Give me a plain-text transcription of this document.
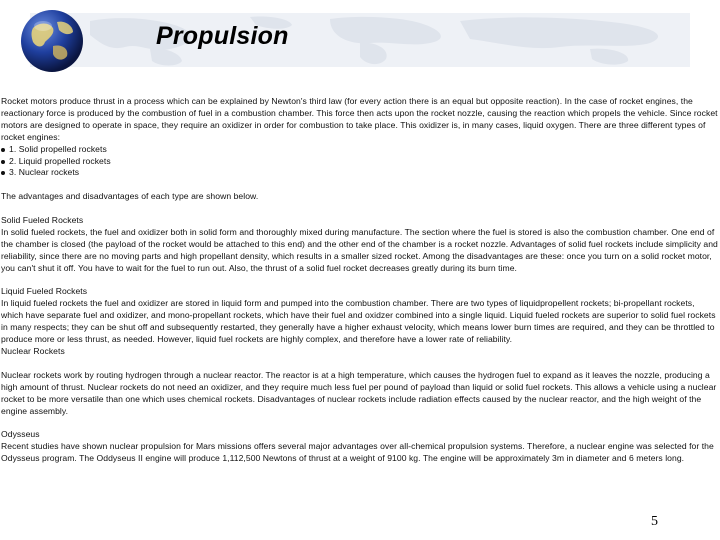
Propulsion

Rocket motors produce thrust in a process which can be explained by Newton's third law (for every action there is an equal but opposite reaction). In the case of rocket engines, the reactionary force is produced by the combustion of fuel in a combustion chamber. This force then acts upon the rocket nozzle, causing the reaction which propels the vehicle. Since rocket motors are designed to operate in space, they require an oxidizer in order for combustion to take place. This oxidizer is, in many cases, liquid oxygen. There are three different types of rocket engines:

1. Solid propelled rockets
2. Liquid propelled rockets
3. Nuclear rockets

The advantages and disadvantages of each type are shown below.

Solid Fueled Rockets

In solid fueled rockets, the fuel and oxidizer both in solid form and thoroughly mixed during manufacture. The section where the fuel is stored is also the combustion chamber. One end of the chamber is closed (the payload of the rocket would be attached to this end) and the other end of the chamber is a rocket nozzle. Advantages of solid fuel rockets include simplicity and reliability, since there are no moving parts and high propellant density, which results in a smaller sized rocket. Among the disadvantages are these: once you turn on a solid rocket motor, you can't shut it off. You have to wait for the fuel to run out. Also, the thrust of a solid fuel rocket decreases greatly during its burn time.

Liquid Fueled Rockets

In liquid fueled rockets the fuel and oxidizer are stored in liquid form and pumped into the combustion chamber. There are two types of liquidpropellent rockets; bi-propellant rockets, which have separate fuel and oxidizer, and mono-propellant rockets, which have their fuel and oxidzer combined into a single liquid. Liquid fueled rockets are superior to solid fuel rockets in many respects; they can be shut off and subsequently restarted, they generally have a higher exhaust velocity, which means lower burn times are required, and they can be throttled to produce more or less thrust, as needed. However, liquid fuel rockets are highly complex, and therefore have a lower rate of reliability.

Nuclear Rockets

Nuclear rockets work by routing hydrogen through a nuclear reactor. The reactor is at a high temperature, which causes the hydrogen fuel to expand as it leaves the nozzle, producing a high amount of thrust. Nuclear rockets do not need an oxidizer, and they require much less fuel per pound of payload than liquid or solid fuel rockets. This allows a vehicle using a nuclear rocket to be more versatile than one which uses chemical rockets. Disadvantages of nuclear rockets include radiation effects caused by the nuclear reactor, and the high weight of the engine assembly.

Odysseus

Recent studies have shown nuclear propulsion for Mars missions offers several major advantages over all-chemical propulsion systems. Therefore, a nuclear engine was selected for the Odysseus program. The Oddyseus II engine will produce 1,112,500 Newtons of thrust at a weight of 9100 kg. The engine will be approximately 3m in diameter and 6 meters long.

5
